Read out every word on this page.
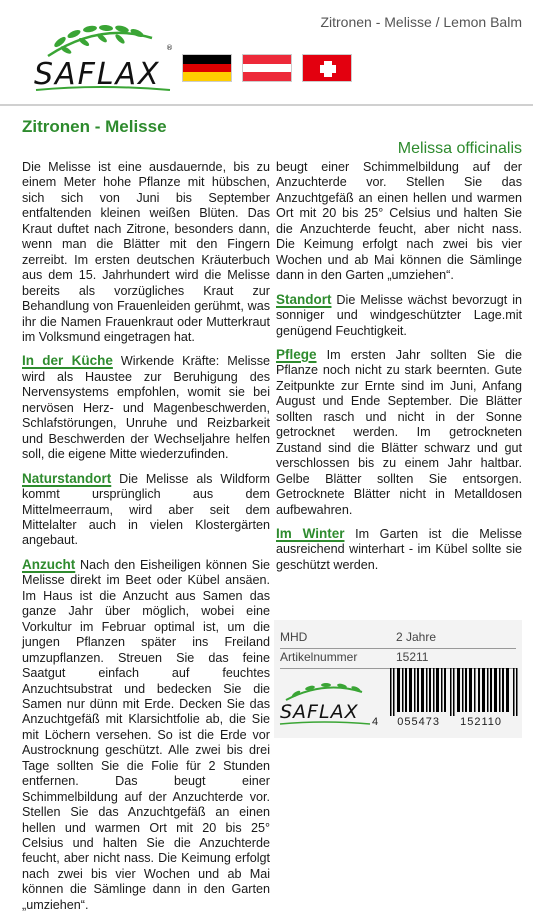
Zitronen - Melisse / Lemon Balm
SAFLAX
®
Zitronen - Melisse
Melissa officinalis

Die Melisse ist eine ausdauernde, bis zu einem Meter hohe Pflanze mit hübschen, sich sich von Juni bis September entfaltenden kleinen weißen Blüten. Das Kraut duftet nach Zitrone, besonders dann, wenn man die Blätter mit den Fingern zerreibt. Im ersten deutschen Kräuterbuch aus dem 15. Jahrhundert wird die Melisse bereits als vorzügliches Kraut zur Behandlung von Frauenleiden gerühmt, was ihr die Namen Frauenkraut oder Mutterkraut im Volksmund eingetragen hat.

In der Küche Wirkende Kräfte: Melisse wird als Haustee zur Beruhigung des Nervensystems empfohlen, womit sie bei nervösen Herz- und Magenbeschwerden, Schlafstörungen, Unruhe und Reizbarkeit und Beschwerden der Wechseljahre helfen soll, die eigene Mitte wiederzufinden.

Naturstandort Die Melisse als Wildform kommt ursprünglich aus dem Mittelmeerraum, wird aber seit dem Mittelalter auch in vielen Klostergärten angebaut.

Anzucht Nach den Eisheiligen können Sie Melisse direkt im Beet oder Kübel ansäen. Im Haus ist die Anzucht aus Samen das ganze Jahr über möglich, wobei eine Vorkultur im Februar optimal ist, um die jungen Pflanzen später ins Freiland umzupflanzen. Streuen Sie das feine Saatgut einfach auf feuchtes Anzuchtsubstrat und bedecken Sie die Samen nur dünn mit Erde. Decken Sie das Anzuchtgefäß mit Klarsichtfolie ab, die Sie mit Löchern versehen. So ist die Erde vor Austrocknung geschützt. Alle zwei bis drei Tage sollten Sie die Folie für 2 Stunden entfernen. Das beugt einer Schimmelbildung auf der Anzuchterde vor. Stellen Sie das Anzuchtgefäß an einen hellen und warmen Ort mit 20 bis 25° Celsius und halten Sie die Anzuchterde feucht, aber nicht nass. Die Keimung erfolgt nach zwei bis vier Wochen und ab Mai können die Sämlinge dann in den Garten „umziehen“.

beugt einer Schimmelbildung auf der Anzuchterde vor. Stellen Sie das Anzuchtgefäß an einen hellen und warmen Ort mit 20 bis 25° Celsius und halten Sie die Anzuchterde feucht, aber nicht nass. Die Keimung erfolgt nach zwei bis vier Wochen und ab Mai können die Sämlinge dann in den Garten „umziehen“.

Standort Die Melisse wächst bevorzugt in sonniger und windgeschützter Lage.mit genügend Feuchtigkeit.

Pflege Im ersten Jahr sollten Sie die Pflanze noch nicht zu stark beernten. Gute Zeitpunkte zur Ernte sind im Juni, Anfang August und Ende September. Die Blätter sollten rasch und nicht in der Sonne getrocknet werden. Im getrockneten Zustand sind die Blätter schwarz und gut verschlossen bis zu einem Jahr haltbar. Gelbe Blätter sollten Sie entsorgen. Getrocknete Blätter nicht in Metalldosen aufbewahren.

Im Winter Im Garten ist die Melisse ausreichend winterhart - im Kübel sollte sie geschützt werden.

MHD	2 Jahre
Artikelnummer	15211
SAFLAX 4 055473 152110
